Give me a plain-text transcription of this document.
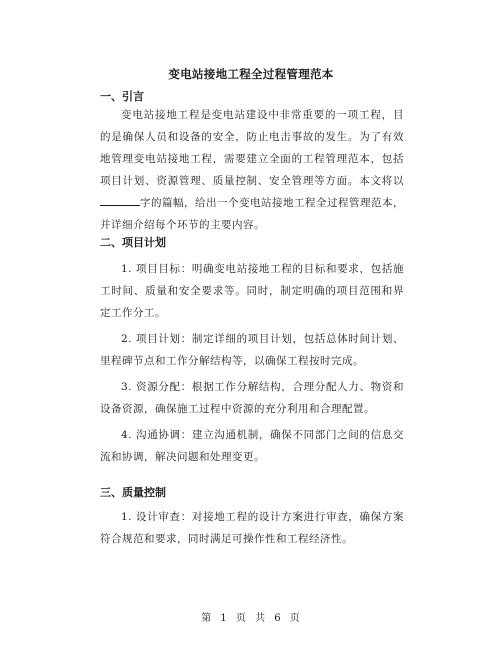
变电站接地工程全过程管理范本
一、引言
变电站接地工程是变电站建设中非常重要的一项工程，目的是确保人员和设备的安全，防止电击事故的发生。为了有效地管理变电站接地工程，需要建立全面的工程管理范本，包括项目计划、资源管理、质量控制、安全管理等方面。本文将以字的篇幅，给出一个变电站接地工程全过程管理范本，并详细介绍每个环节的主要内容。
二、项目计划
1. 项目目标：明确变电站接地工程的目标和要求，包括施工时间、质量和安全要求等。同时，制定明确的项目范围和界定工作分工。
2. 项目计划：制定详细的项目计划，包括总体时间计划、里程碑节点和工作分解结构等，以确保工程按时完成。
3. 资源分配：根据工作分解结构，合理分配人力、物资和设备资源，确保施工过程中资源的充分利用和合理配置。
4. 沟通协调：建立沟通机制，确保不同部门之间的信息交流和协调，解决问题和处理变更。
三、质量控制
1. 设计审查：对接地工程的设计方案进行审查，确保方案符合规范和要求，同时满足可操作性和工程经济性。
第 1 页 共 6 页
